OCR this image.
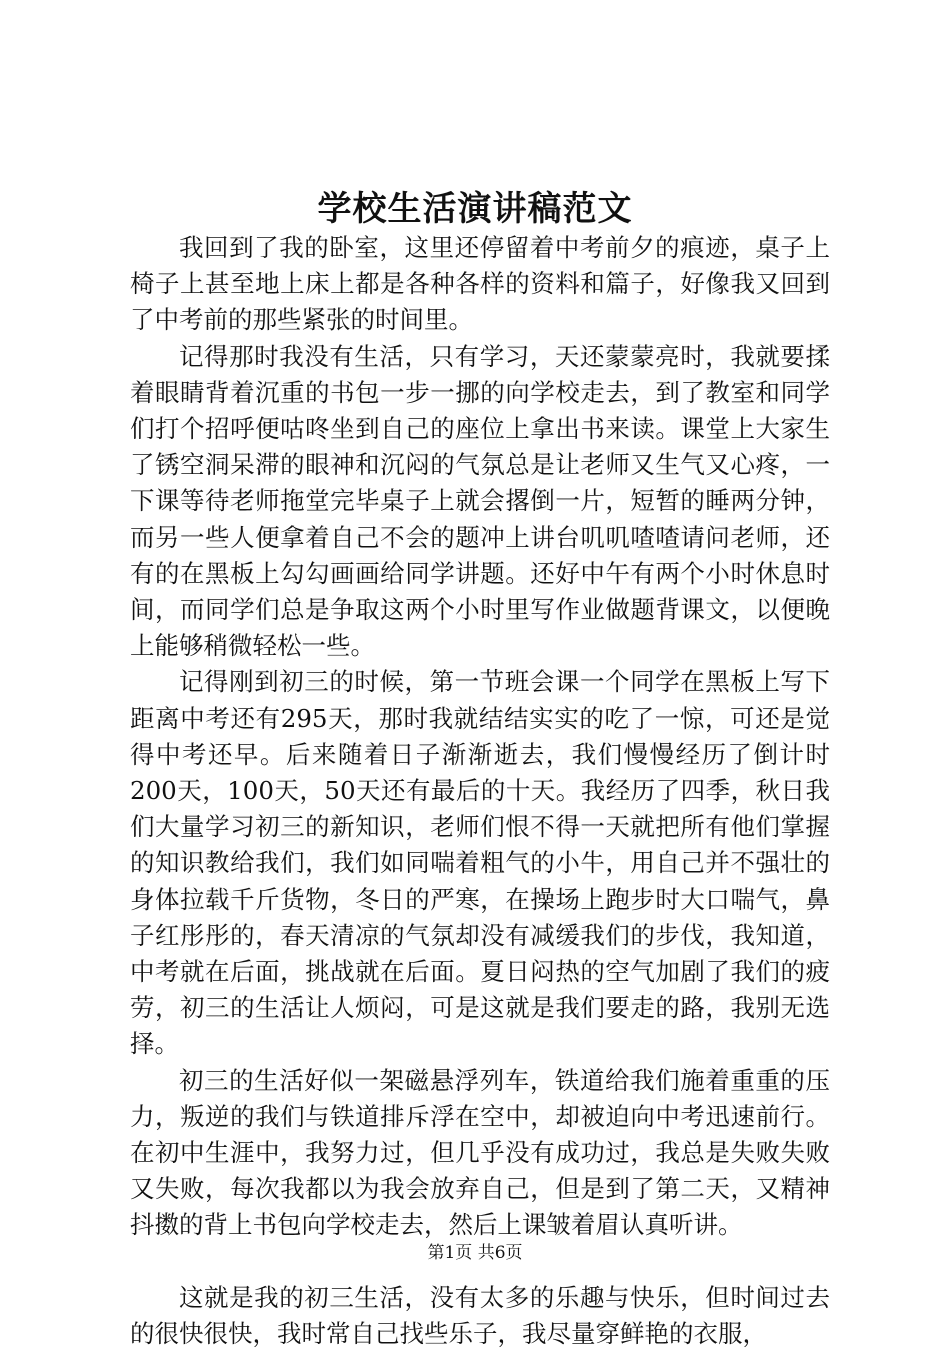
学校生活演讲稿范文

我回到了我的卧室，这里还停留着中考前夕的痕迹，桌子上椅子上甚至地上床上都是各种各样的资料和篇子，好像我又回到了中考前的那些紧张的时间里。

记得那时我没有生活，只有学习，天还蒙蒙亮时，我就要揉着眼睛背着沉重的书包一步一挪的向学校走去，到了教室和同学们打个招呼便咕咚坐到自己的座位上拿出书来读。课堂上大家生了锈空洞呆滞的眼神和沉闷的气氛总是让老师又生气又心疼，一下课等待老师拖堂完毕桌子上就会撂倒一片，短暂的睡两分钟，而另一些人便拿着自己不会的题冲上讲台叽叽喳喳请问老师，还有的在黑板上勾勾画画给同学讲题。还好中午有两个小时休息时间，而同学们总是争取这两个小时里写作业做题背课文，以便晚上能够稍微轻松一些。

记得刚到初三的时候，第一节班会课一个同学在黑板上写下距离中考还有295天，那时我就结结实实的吃了一惊，可还是觉得中考还早。后来随着日子渐渐逝去，我们慢慢经历了倒计时200天，100天，50天还有最后的十天。我经历了四季，秋日我们大量学习初三的新知识，老师们恨不得一天就把所有他们掌握的知识教给我们，我们如同喘着粗气的小牛，用自己并不强壮的身体拉载千斤货物，冬日的严寒，在操场上跑步时大口喘气，鼻子红彤彤的，春天清凉的气氛却没有减缓我们的步伐，我知道，中考就在后面，挑战就在后面。夏日闷热的空气加剧了我们的疲劳，初三的生活让人烦闷，可是这就是我们要走的路，我别无选择。

初三的生活好似一架磁悬浮列车，铁道给我们施着重重的压力，叛逆的我们与铁道排斥浮在空中，却被迫向中考迅速前行。在初中生涯中，我努力过，但几乎没有成功过，我总是失败失败又失败，每次我都以为我会放弃自己，但是到了第二天，又精神抖擞的背上书包向学校走去，然后上课皱着眉认真听讲。

这就是我的初三生活，没有太多的乐趣与快乐，但时间过去的很快很快，我时常自己找些乐子，我尽量穿鲜艳的衣服，

第1页 共6页
